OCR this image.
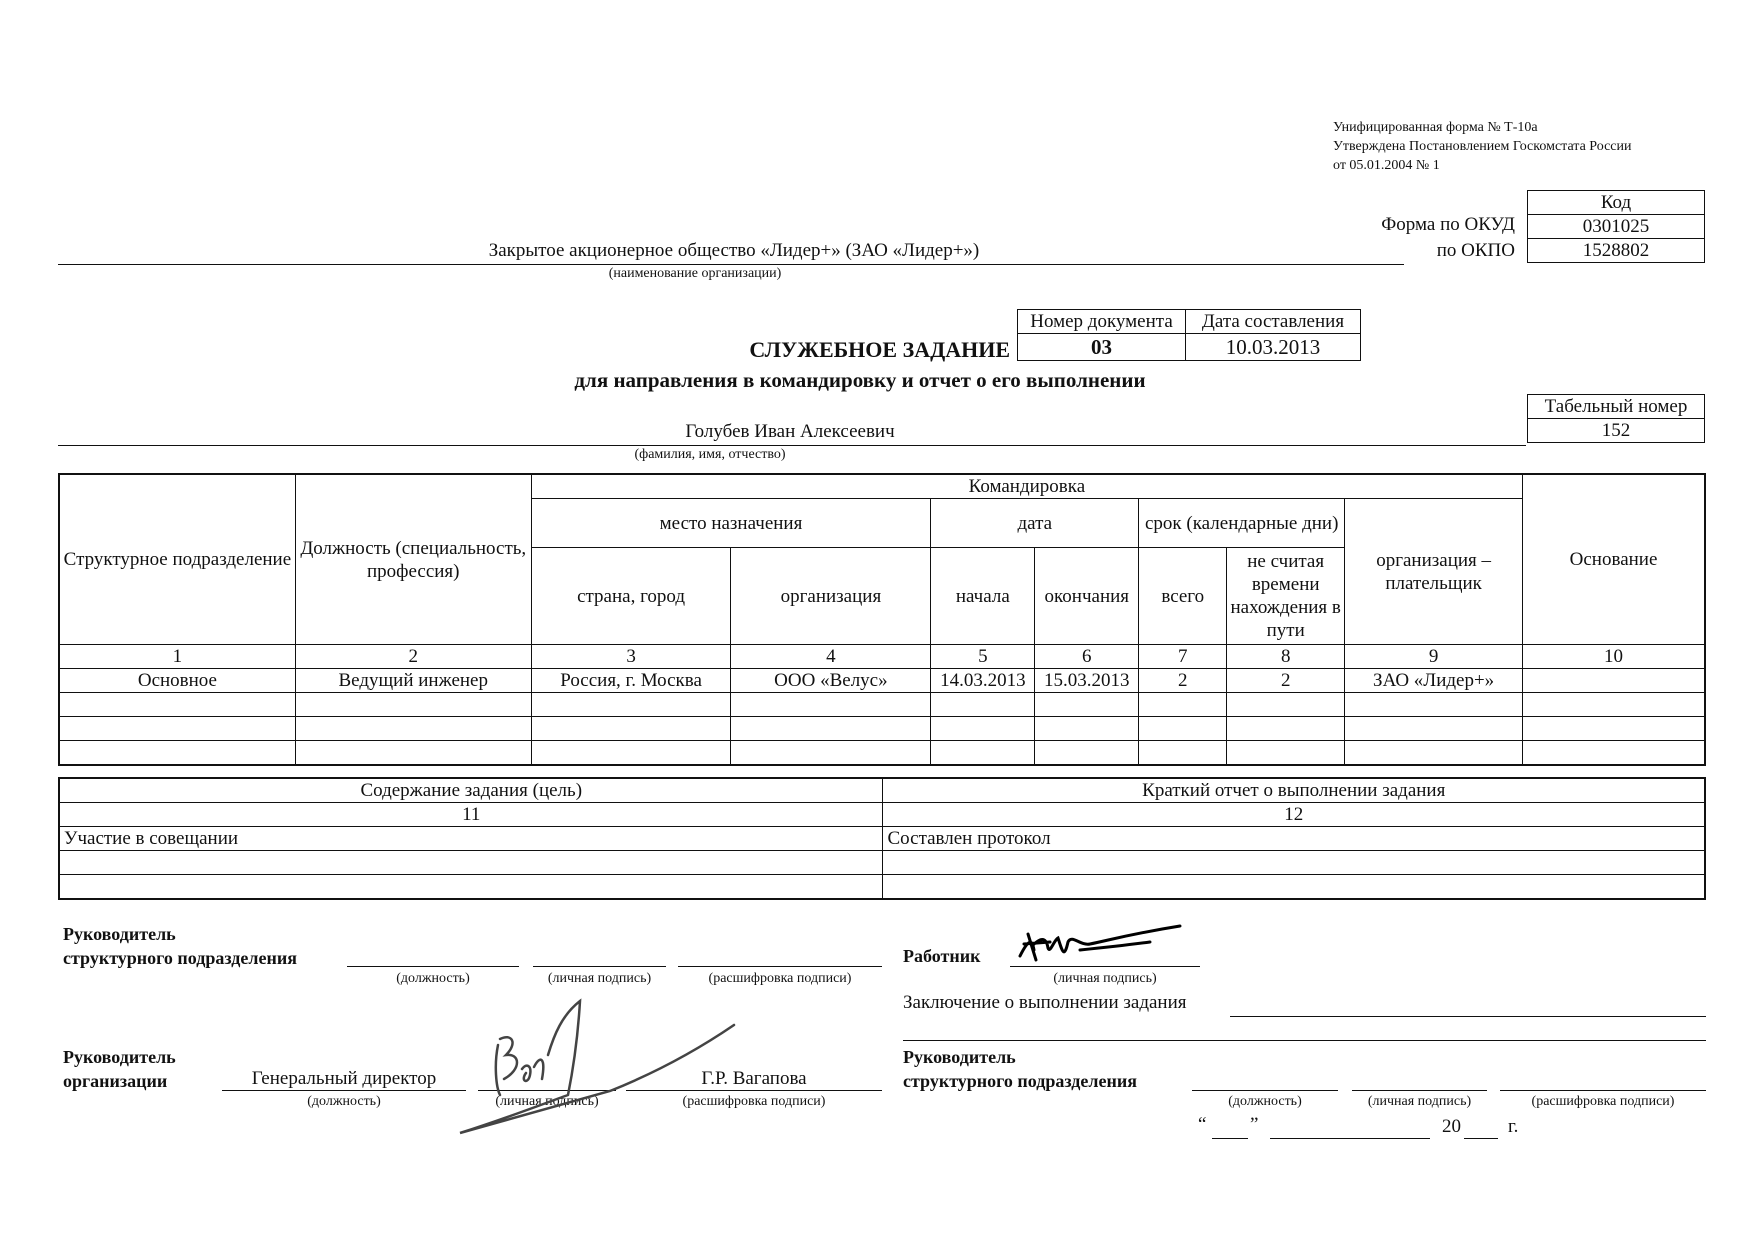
Унифицированная форма № Т-10а
Утверждена Постановлением Госкомстата России
от 05.01.2004 № 1
Форма по ОКУД
по ОКПО
Код
0301025
1528802
Закрытое акционерное общество «Лидер+» (ЗАО «Лидер+»)
(наименование организации)
Номер документа	Дата составления
03	10.03.2013
СЛУЖЕБНОЕ ЗАДАНИЕ
для направления в командировку и отчет о его выполнении
Табельный номер
152
Голубев Иван Алексеевич
(фамилия, имя, отчество)
Структурное подразделение	Должность (специальность, профессия)	Командировка							Основание
		место назначения		дата		срок (календарные дни)		организация – плательщик	
		страна, город	организация	начала	окончания	всего	не считая времени нахождения в пути		
1	2	3	4	5	6	7	8	9	10
Основное	Ведущий инженер	Россия, г. Москва	ООО «Велус»	14.03.2013	15.03.2013	2	2	ЗАО «Лидер+»	

Содержание задания (цель)	Краткий отчет о выполнении задания
11	12
Участие в совещании	Составлен протокол

Руководитель
структурного подразделения
(должность)	(личная подпись)	(расшифровка подписи)
Работник
(личная подпись)
Заключение о выполнении задания
Руководитель
организации	Генеральный директор	Г.Р. Вагапова
(должность)	(личная подпись)	(расшифровка подписи)
Руководитель
структурного подразделения
(должность)	(личная подпись)	(расшифровка подписи)
“ ”	20 г.
